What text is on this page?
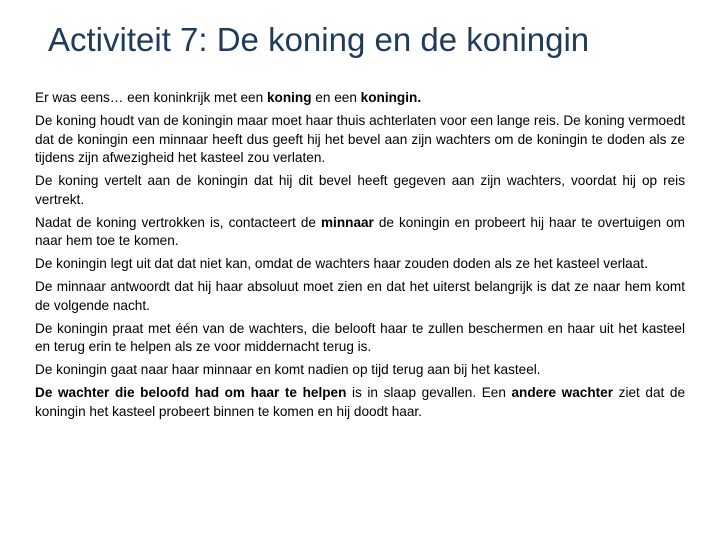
Activiteit 7: De koning en de koningin

Er was eens… een koninkrijk met een koning en een koningin.

De koning houdt van de koningin maar moet haar thuis achterlaten voor een lange reis. De koning vermoedt dat de koningin een minnaar heeft dus geeft hij het bevel aan zijn wachters om de koningin te doden als ze tijdens zijn afwezigheid het kasteel zou verlaten.

De koning vertelt aan de koningin dat hij dit bevel heeft gegeven aan zijn wachters, voordat hij op reis vertrekt.

Nadat de koning vertrokken is, contacteert de minnaar de koningin en probeert hij haar te overtuigen om naar hem toe te komen.

De koningin legt uit dat dat niet kan, omdat de wachters haar zouden doden als ze het kasteel verlaat.

De minnaar antwoordt dat hij haar absoluut moet zien en dat het uiterst belangrijk is dat ze naar hem komt de volgende nacht.

De koningin praat met één van de wachters, die belooft haar te zullen beschermen en haar uit het kasteel en terug erin te helpen als ze voor middernacht terug is.

De koningin gaat naar haar minnaar en komt nadien op tijd terug aan bij het kasteel.

De wachter die beloofd had om haar te helpen is in slaap gevallen. Een andere wachter ziet dat de koningin het kasteel probeert binnen te komen en hij doodt haar.
